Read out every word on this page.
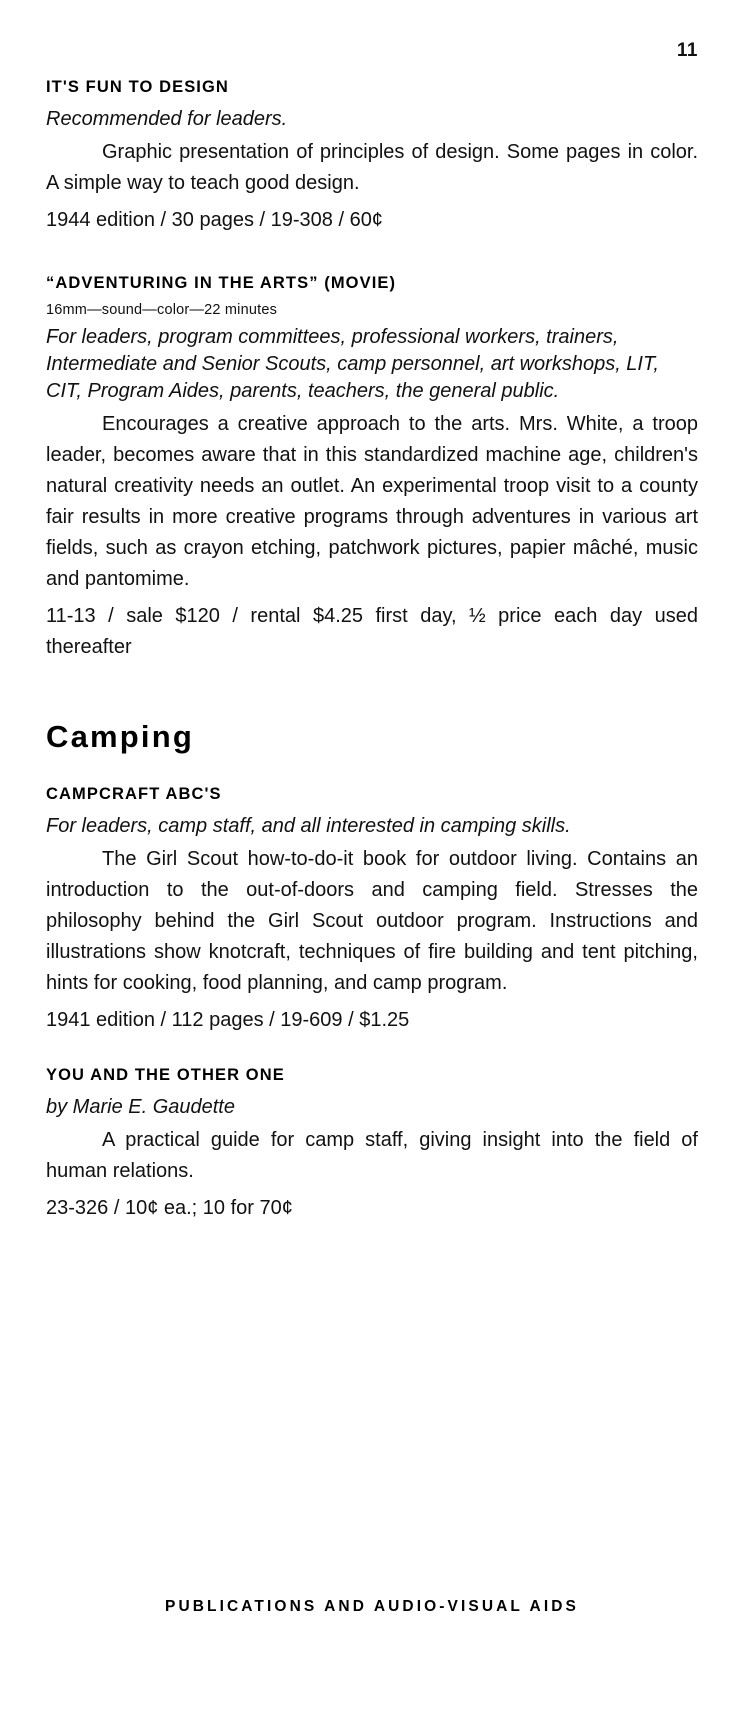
11
IT'S FUN TO DESIGN
Recommended for leaders.
Graphic presentation of principles of design. Some pages in color. A simple way to teach good design.
1944 edition / 30 pages / 19-308 / 60¢
“ADVENTURING IN THE ARTS” (MOVIE)
16mm—sound—color—22 minutes
For leaders, program committees, professional workers, trainers, Intermediate and Senior Scouts, camp personnel, art workshops, LIT, CIT, Program Aides, parents, teachers, the general public.
Encourages a creative approach to the arts. Mrs. White, a troop leader, becomes aware that in this standardized machine age, children's natural creativity needs an outlet. An experimental troop visit to a county fair results in more creative programs through adventures in various art fields, such as crayon etching, patchwork pictures, papier mâché, music and pantomime.
11-13 / sale $120 / rental $4.25 first day, ½ price each day used thereafter
Camping
CAMPCRAFT ABC'S
For leaders, camp staff, and all interested in camping skills.
The Girl Scout how-to-do-it book for outdoor living. Contains an introduction to the out-of-doors and camping field. Stresses the philosophy behind the Girl Scout outdoor program. Instructions and illustrations show knotcraft, techniques of fire building and tent pitching, hints for cooking, food planning, and camp program.
1941 edition / 112 pages / 19-609 / $1.25
YOU AND THE OTHER ONE
by Marie E. Gaudette
A practical guide for camp staff, giving insight into the field of human relations.
23-326 / 10¢ ea.; 10 for 70¢
PUBLICATIONS AND AUDIO-VISUAL AIDS
